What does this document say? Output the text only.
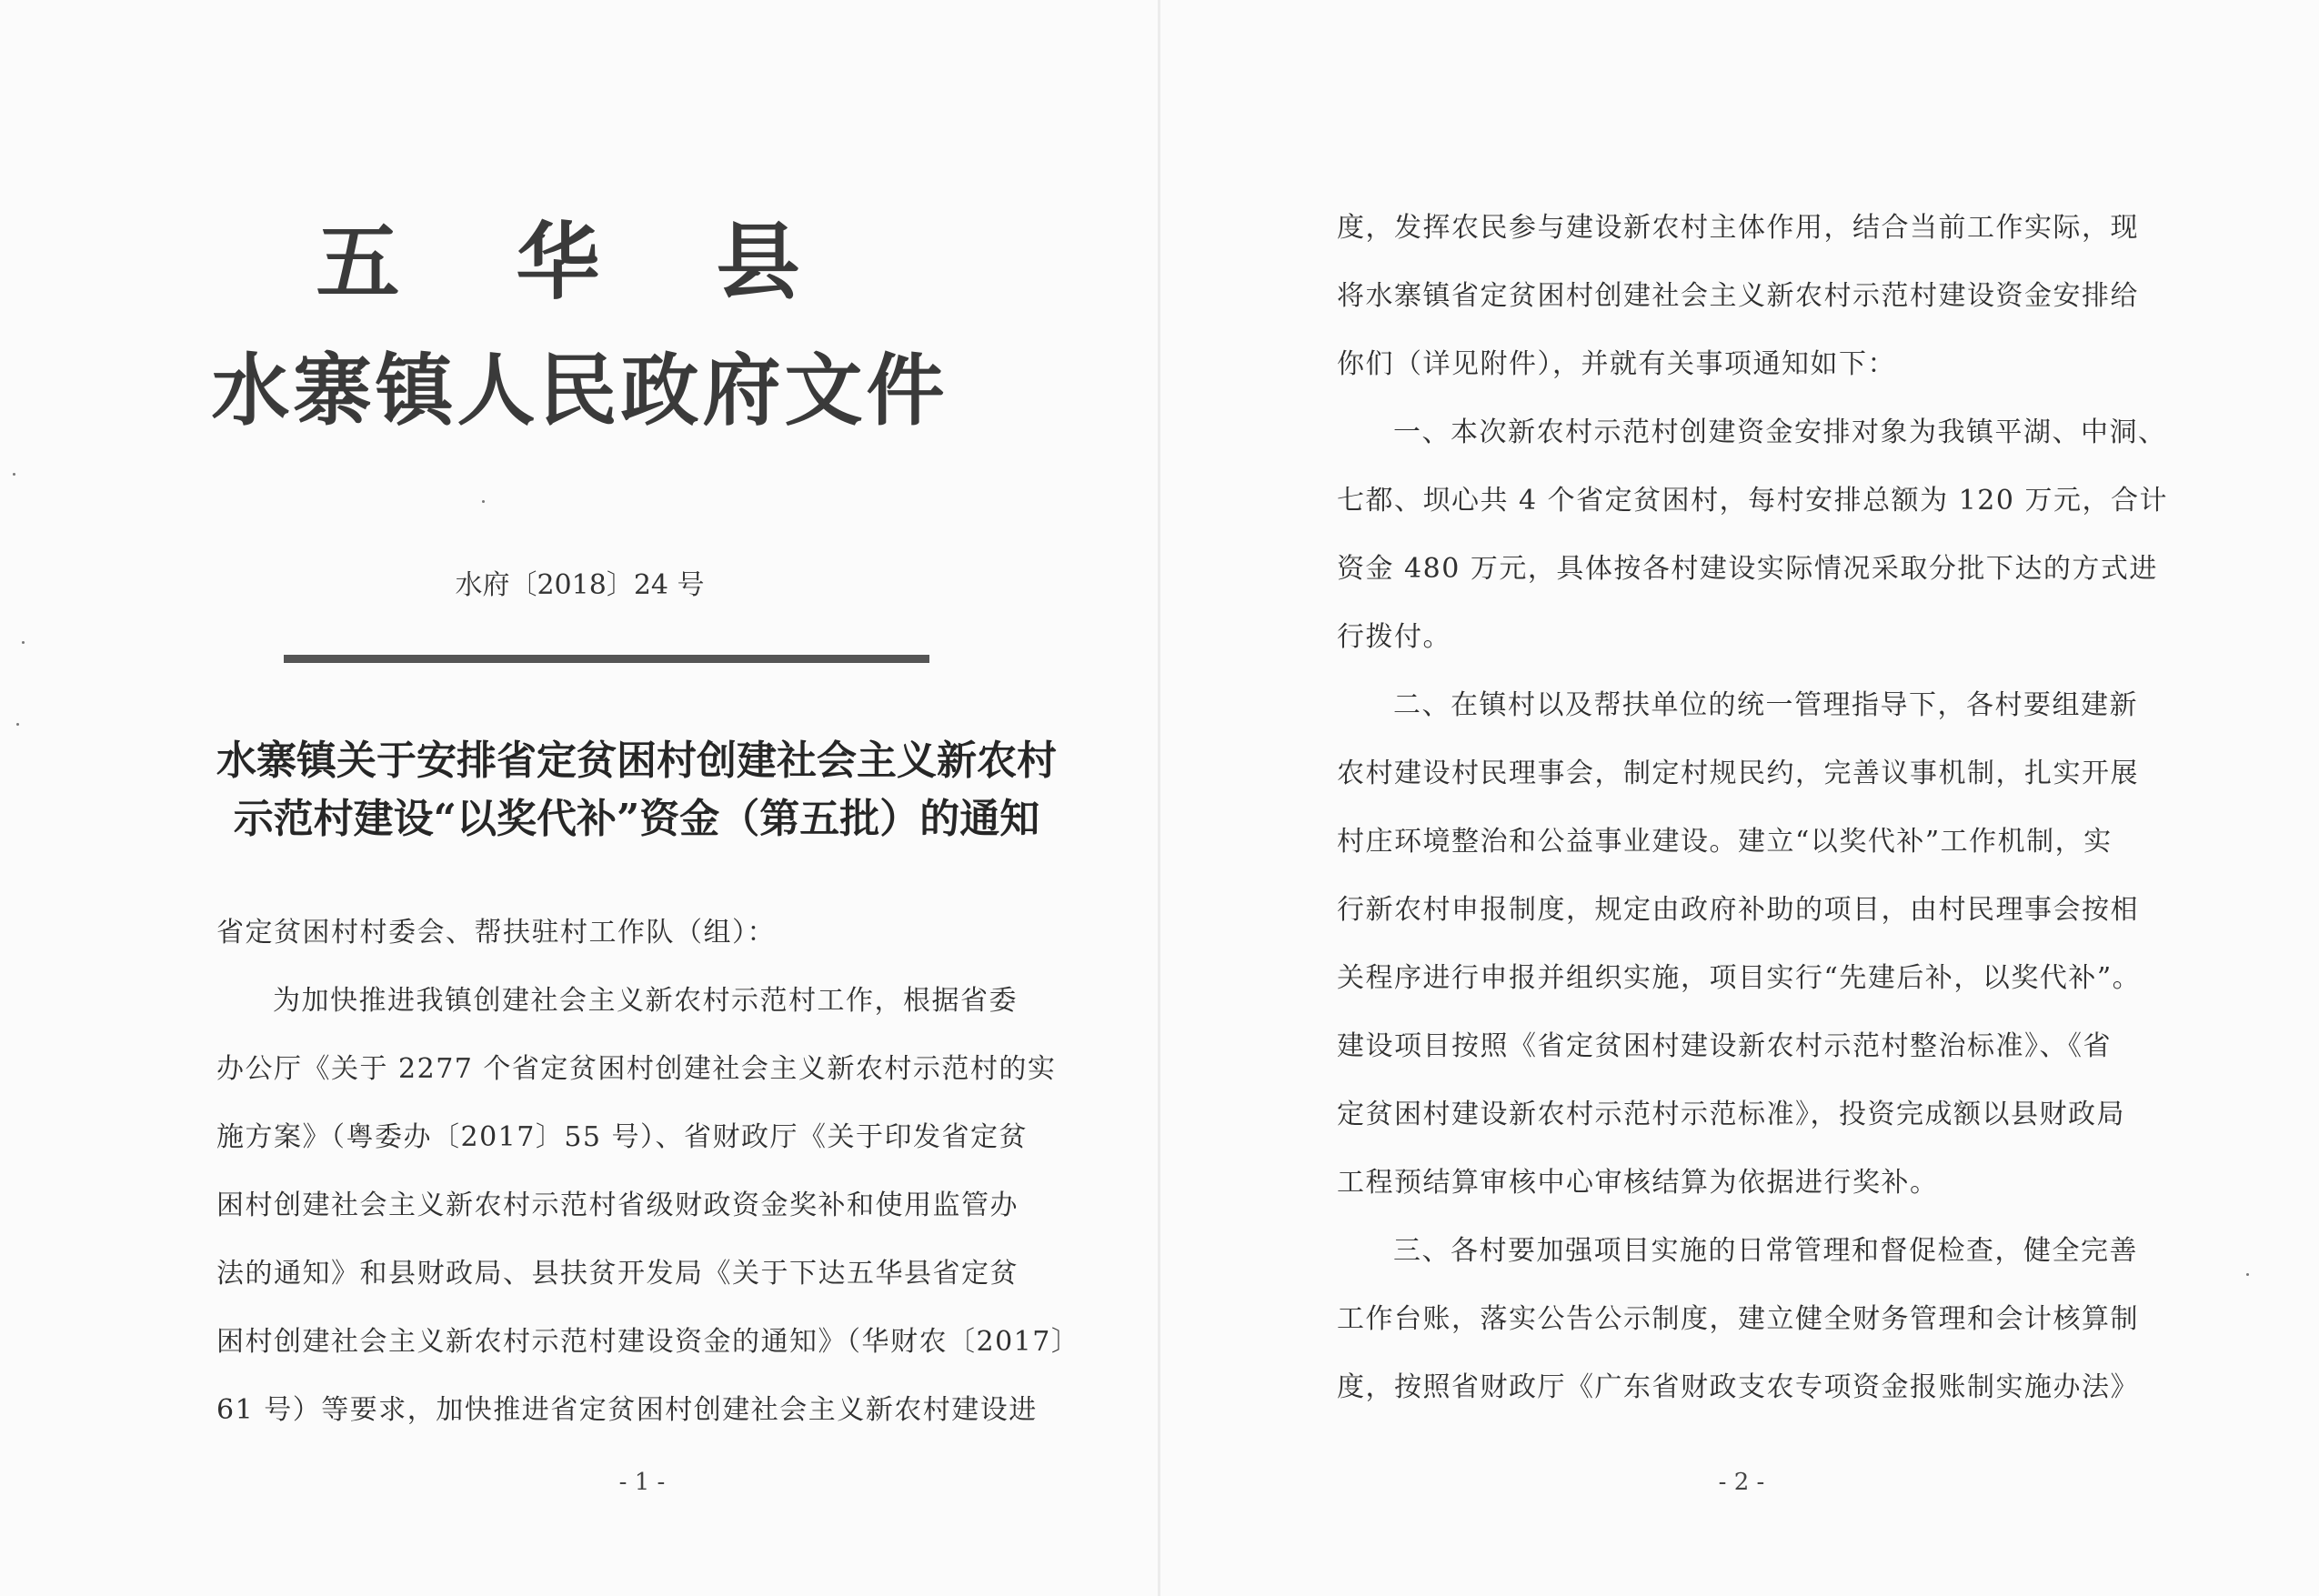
五 华 县
水寨镇人民政府文件
水府〔2018〕24 号
水寨镇关于安排省定贫困村创建社会主义新农村
示范村建设“以奖代补”资金（第五批）的通知
省定贫困村村委会、帮扶驻村工作队（组）：
为加快推进我镇创建社会主义新农村示范村工作，根据省委
办公厅《关于 2277 个省定贫困村创建社会主义新农村示范村的实
施方案》（粤委办〔2017〕55 号）、省财政厅《关于印发省定贫
困村创建社会主义新农村示范村省级财政资金奖补和使用监管办
法的通知》和县财政局、县扶贫开发局《关于下达五华县省定贫
困村创建社会主义新农村示范村建设资金的通知》（华财农〔2017〕
61 号）等要求，加快推进省定贫困村创建社会主义新农村建设进
- 1 -
度，发挥农民参与建设新农村主体作用，结合当前工作实际，现
将水寨镇省定贫困村创建社会主义新农村示范村建设资金安排给
你们（详见附件），并就有关事项通知如下：
一、本次新农村示范村创建资金安排对象为我镇平湖、中洞、
七都、坝心共 4 个省定贫困村，每村安排总额为 120 万元，合计
资金 480 万元，具体按各村建设实际情况采取分批下达的方式进
行拨付。
二、在镇村以及帮扶单位的统一管理指导下，各村要组建新
农村建设村民理事会，制定村规民约，完善议事机制，扎实开展
村庄环境整治和公益事业建设。建立“以奖代补”工作机制，实
行新农村申报制度，规定由政府补助的项目，由村民理事会按相
关程序进行申报并组织实施，项目实行“先建后补，以奖代补”。
建设项目按照《省定贫困村建设新农村示范村整治标准》、《省
定贫困村建设新农村示范村示范标准》，投资完成额以县财政局
工程预结算审核中心审核结算为依据进行奖补。
三、各村要加强项目实施的日常管理和督促检查，健全完善
工作台账，落实公告公示制度，建立健全财务管理和会计核算制
度，按照省财政厅《广东省财政支农专项资金报账制实施办法》
- 2 -
